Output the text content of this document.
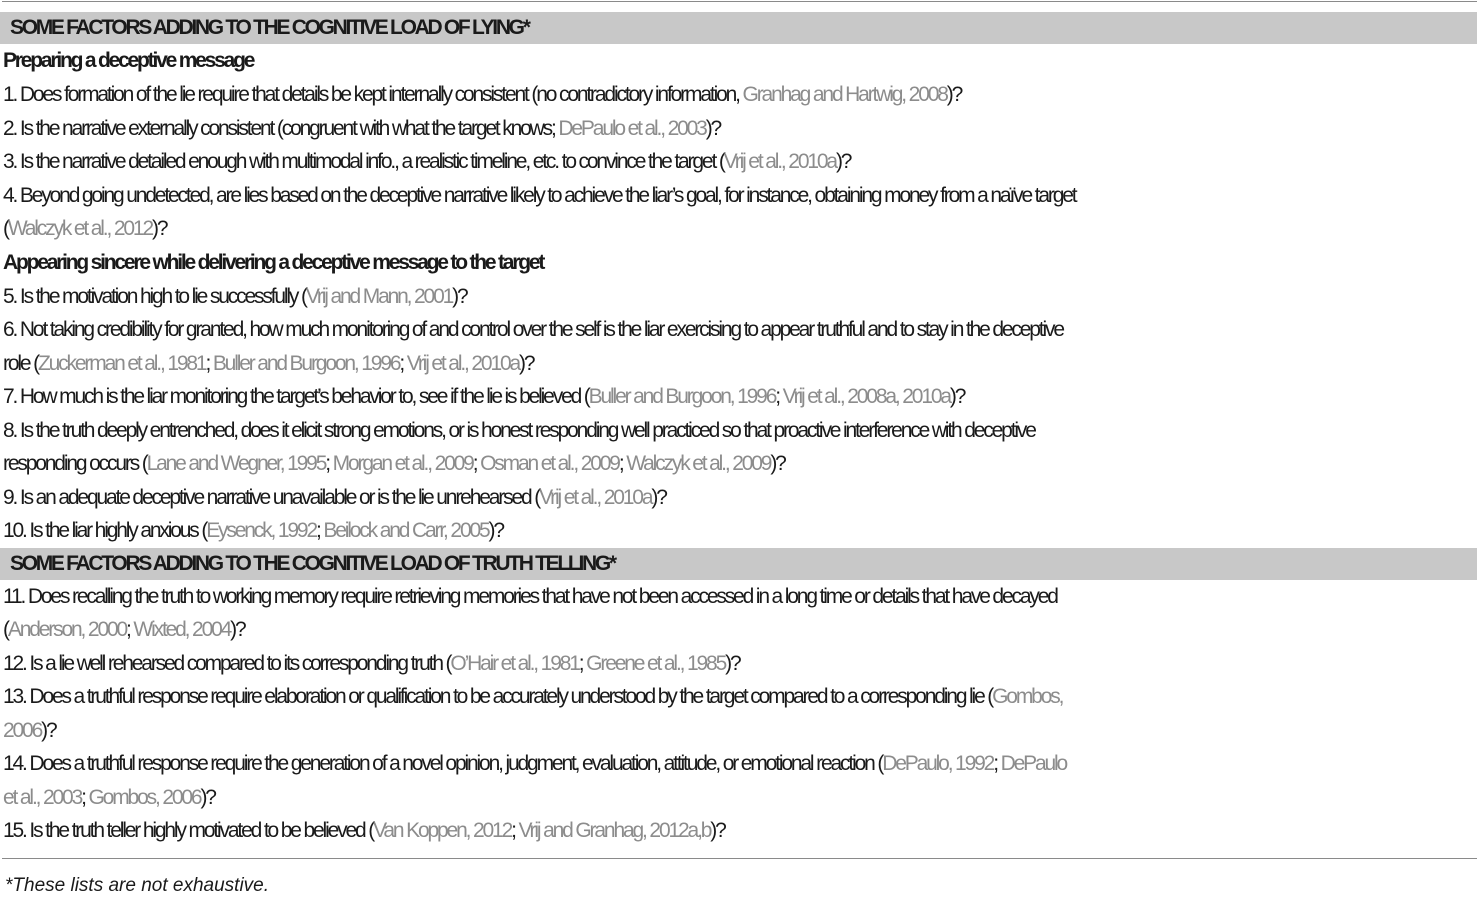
SOME FACTORS ADDING TO THE COGNITIVE LOAD OF LYING*
Preparing a deceptive message
1. Does formation of the lie require that details be kept internally consistent (no contradictory information, Granhag and Hartwig, 2008)?
2. Is the narrative externally consistent (congruent with what the target knows; DePaulo et al., 2003)?
3. Is the narrative detailed enough with multimodal info., a realistic timeline, etc. to convince the target (Vrij et al., 2010a)?
4. Beyond going undetected, are lies based on the deceptive narrative likely to achieve the liar’s goal, for instance, obtaining money from a naïve target
(Walczyk et al., 2012)?
Appearing sincere while delivering a deceptive message to the target
5. Is the motivation high to lie successfully (Vrij and Mann, 2001)?
6. Not taking credibility for granted, how much monitoring of and control over the self is the liar exercising to appear truthful and to stay in the deceptive
role (Zuckerman et al., 1981; Buller and Burgoon, 1996; Vrij et al., 2010a)?
7. How much is the liar monitoring the target’s behavior to, see if the lie is believed (Buller and Burgoon, 1996; Vrij et al., 2008a, 2010a)?
8. Is the truth deeply entrenched, does it elicit strong emotions, or is honest responding well practiced so that proactive interference with deceptive
responding occurs (Lane and Wegner, 1995; Morgan et al., 2009; Osman et al., 2009; Walczyk et al., 2009)?
9. Is an adequate deceptive narrative unavailable or is the lie unrehearsed (Vrij et al., 2010a)?
10. Is the liar highly anxious (Eysenck, 1992; Beilock and Carr, 2005)?
SOME FACTORS ADDING TO THE COGNITIVE LOAD OF TRUTH TELLING*
11. Does recalling the truth to working memory require retrieving memories that have not been accessed in a long time or details that have decayed
(Anderson, 2000; Wixted, 2004)?
12. Is a lie well rehearsed compared to its corresponding truth (O’Hair et al., 1981; Greene et al., 1985)?
13. Does a truthful response require elaboration or qualification to be accurately understood by the target compared to a corresponding lie (Gombos,
2006)?
14. Does a truthful response require the generation of a novel opinion, judgment, evaluation, attitude, or emotional reaction (DePaulo, 1992; DePaulo
et al., 2003; Gombos, 2006)?
15. Is the truth teller highly motivated to be believed (Van Koppen, 2012; Vrij and Granhag, 2012a,b)?
*These lists are not exhaustive.
